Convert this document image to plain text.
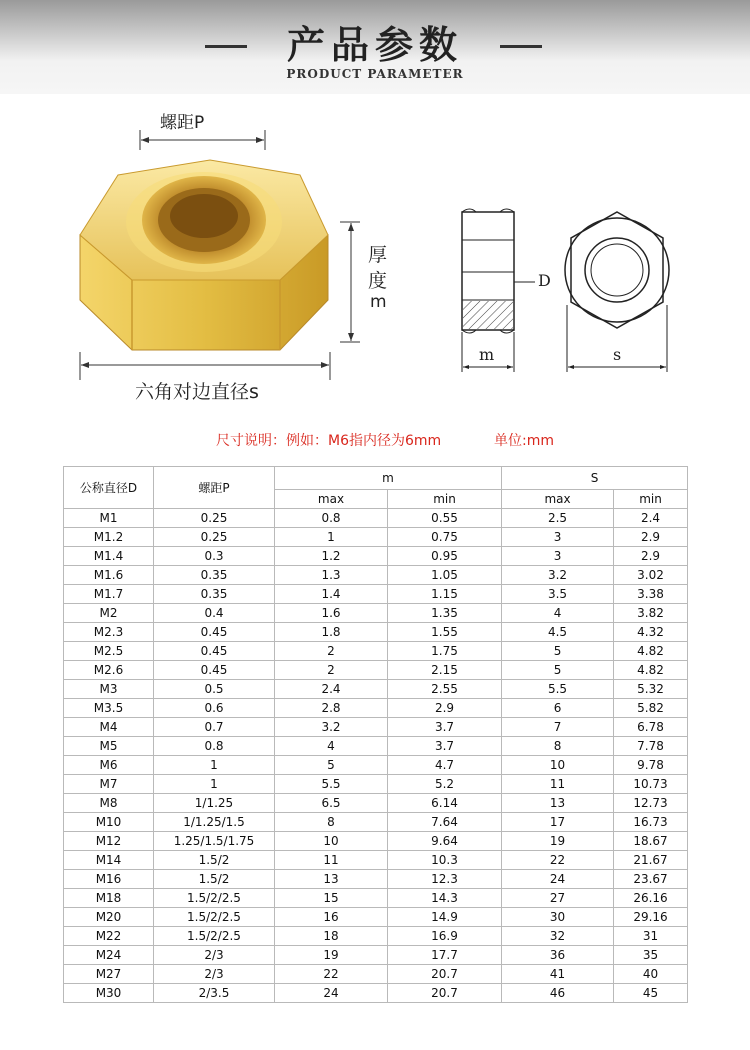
产品参数
PRODUCT PARAMETER
螺距P
厚
度
m
六角对边直径s
D
m	s
尺寸说明：例如：M6指内径为6mm	单位:mm
公称直径D	螺距P	m		S	
		max	min	max	min
M1	0.25	0.8	0.55	2.5	2.4
M1.2	0.25	1	0.75	3	2.9
M1.4	0.3	1.2	0.95	3	2.9
M1.6	0.35	1.3	1.05	3.2	3.02
M1.7	0.35	1.4	1.15	3.5	3.38
M2	0.4	1.6	1.35	4	3.82
M2.3	0.45	1.8	1.55	4.5	4.32
M2.5	0.45	2	1.75	5	4.82
M2.6	0.45	2	2.15	5	4.82
M3	0.5	2.4	2.55	5.5	5.32
M3.5	0.6	2.8	2.9	6	5.82
M4	0.7	3.2	3.7	7	6.78
M5	0.8	4	3.7	8	7.78
M6	1	5	4.7	10	9.78
M7	1	5.5	5.2	11	10.73
M8	1/1.25	6.5	6.14	13	12.73
M10	1/1.25/1.5	8	7.64	17	16.73
M12	1.25/1.5/1.75	10	9.64	19	18.67
M14	1.5/2	11	10.3	22	21.67
M16	1.5/2	13	12.3	24	23.67
M18	1.5/2/2.5	15	14.3	27	26.16
M20	1.5/2/2.5	16	14.9	30	29.16
M22	1.5/2/2.5	18	16.9	32	31
M24	2/3	19	17.7	36	35
M27	2/3	22	20.7	41	40
M30	2/3.5	24	20.7	46	45
